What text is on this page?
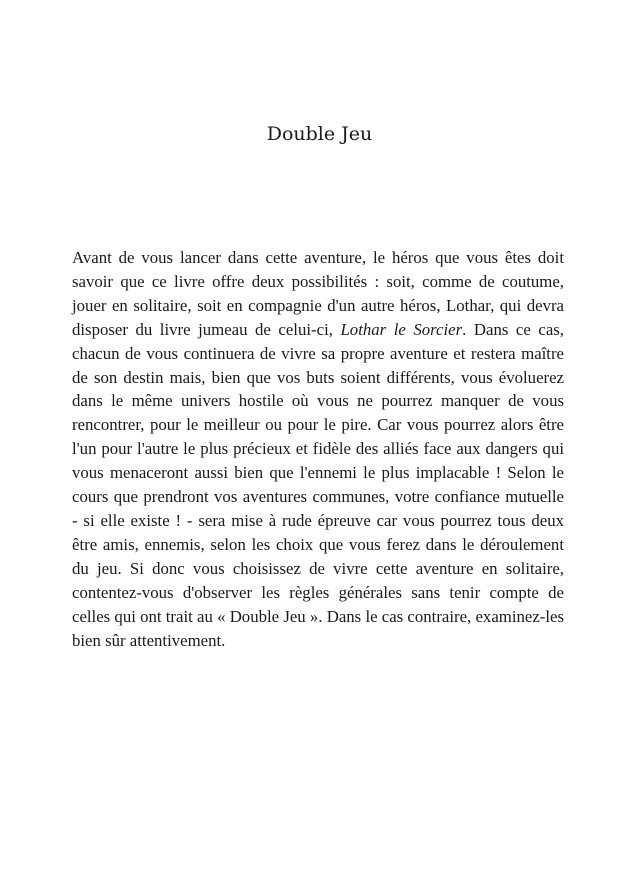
Double Jeu

Avant de vous lancer dans cette aventure, le héros que vous êtes doit savoir que ce livre offre deux possibilités : soit, comme de coutume, jouer en solitaire, soit en compagnie d'un autre héros, Lothar, qui devra disposer du livre jumeau de celui-ci, Lothar le Sorcier. Dans ce cas, chacun de vous continuera de vivre sa propre aventure et restera maître de son destin mais, bien que vos buts soient différents, vous évoluerez dans le même univers hostile où vous ne pourrez manquer de vous rencontrer, pour le meilleur ou pour le pire. Car vous pourrez alors être l'un pour l'autre le plus précieux et fidèle des alliés face aux dangers qui vous menaceront aussi bien que l'ennemi le plus implacable ! Selon le cours que prendront vos aventures communes, votre confiance mutuelle - si elle existe ! - sera mise à rude épreuve car vous pourrez tous deux être amis, ennemis, selon les choix que vous ferez dans le déroulement du jeu. Si donc vous choisissez de vivre cette aventure en solitaire, contentez-vous d'observer les règles générales sans tenir compte de celles qui ont trait au « Double Jeu ». Dans le cas contraire, examinez-les bien sûr attentivement.
